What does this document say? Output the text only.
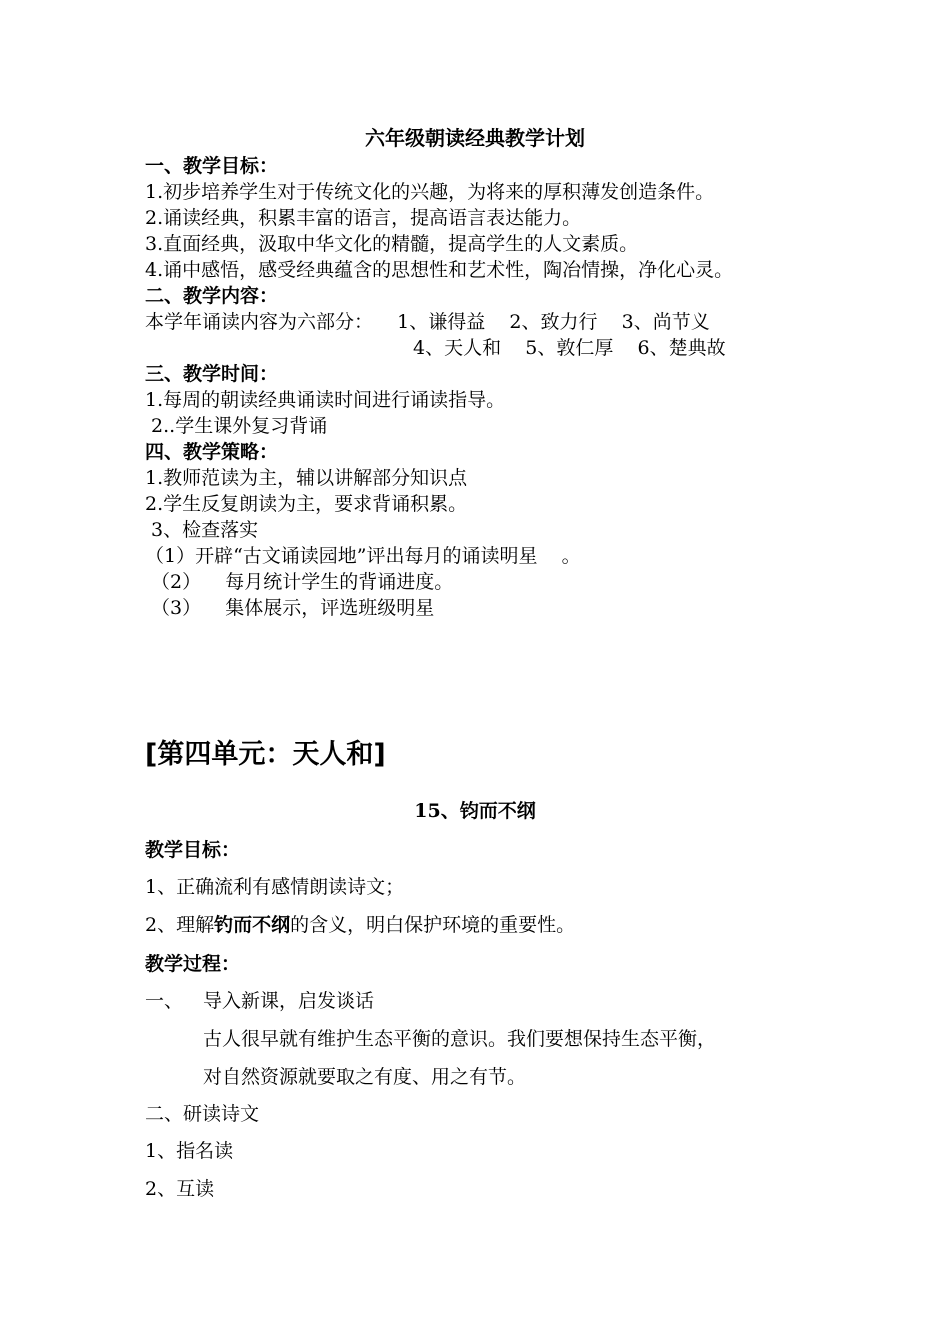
六年级朝读经典教学计划
一、教学目标：
1.初步培养学生对于传统文化的兴趣，为将来的厚积薄发创造条件。
2.诵读经典，积累丰富的语言，提高语言表达能力。
3.直面经典，汲取中华文化的精髓，提高学生的人文素质。
4.诵中感悟，感受经典蕴含的思想性和艺术性，陶冶情操，净化心灵。
二、教学内容：
本学年诵读内容为六部分：    1、谦得益    2、致力行    3、尚节义
4、天人和    5、敦仁厚    6、楚典故
三、教学时间：
1.每周的朝读经典诵读时间进行诵读指导。
2..学生课外复习背诵
四、教学策略：
1.教师范读为主，辅以讲解部分知识点
2.学生反复朗读为主，要求背诵积累。
3、检查落实
（1）开辟“古文诵读园地”评出每月的诵读明星    。
（2）    每月统计学生的背诵进度。
（3）    集体展示，评选班级明星
[第四单元：天人和]
15、钧而不纲
教学目标：
1、正确流利有感情朗读诗文；
2、理解钓而不纲的含义，明白保护环境的重要性。
教学过程：
一、 导入新课，启发谈话
古人很早就有维护生态平衡的意识。我们要想保持生态平衡，
对自然资源就要取之有度、用之有节。
二、研读诗文
1、指名读
2、互读
